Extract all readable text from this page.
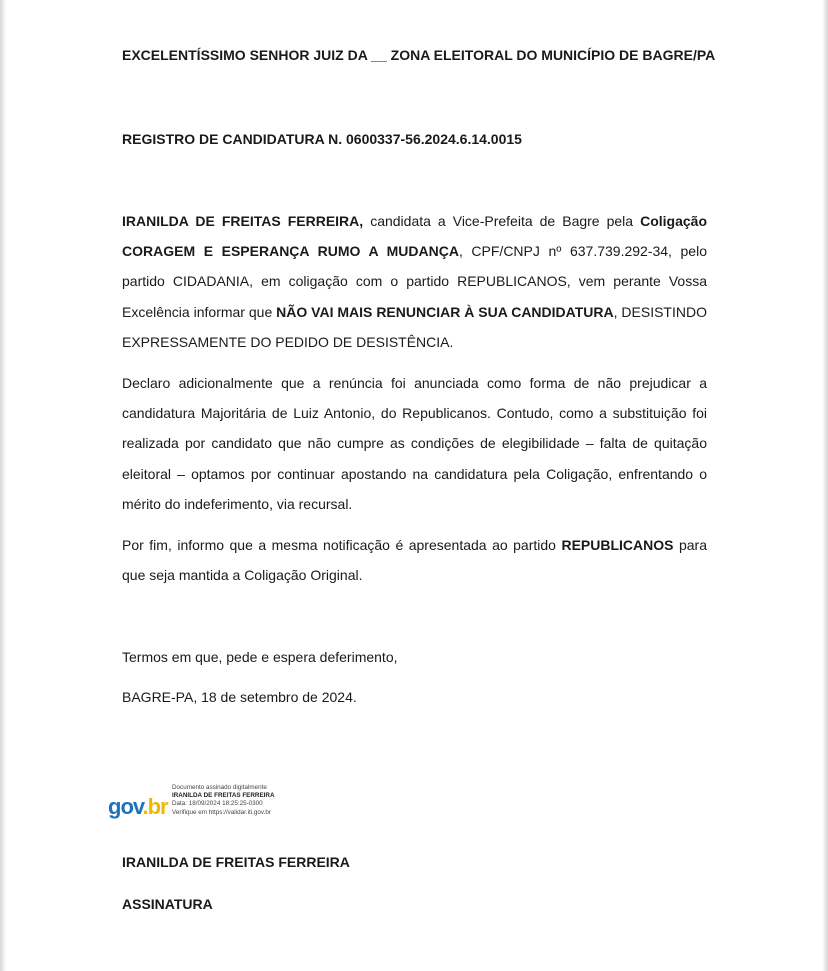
EXCELENTÍSSIMO SENHOR JUIZ DA __ ZONA ELEITORAL DO MUNICÍPIO DE BAGRE/PA
REGISTRO DE CANDIDATURA N. 0600337-56.2024.6.14.0015
IRANILDA DE FREITAS FERREIRA, candidata a Vice-Prefeita de Bagre pela Coligação CORAGEM E ESPERANÇA RUMO A MUDANÇA, CPF/CNPJ nº 637.739.292-34, pelo partido CIDADANIA, em coligação com o partido REPUBLICANOS, vem perante Vossa Excelência informar que NÃO VAI MAIS RENUNCIAR À SUA CANDIDATURA, DESISTINDO EXPRESSAMENTE DO PEDIDO DE DESISTÊNCIA.
Declaro adicionalmente que a renúncia foi anunciada como forma de não prejudicar a candidatura Majoritária de Luiz Antonio, do Republicanos. Contudo, como a substituição foi realizada por candidato que não cumpre as condições de elegibilidade – falta de quitação eleitoral – optamos por continuar apostando na candidatura pela Coligação, enfrentando o mérito do indeferimento, via recursal.
Por fim, informo que a mesma notificação é apresentada ao partido REPUBLICANOS para que seja mantida a Coligação Original.
Termos em que, pede e espera deferimento,
BAGRE-PA, 18 de setembro de 2024.
gov.br
Documento assinado digitalmente
IRANILDA DE FREITAS FERREIRA
Data: 18/09/2024 18:25:25-0300
Verifique em https://validar.iti.gov.br
IRANILDA DE FREITAS FERREIRA
ASSINATURA
